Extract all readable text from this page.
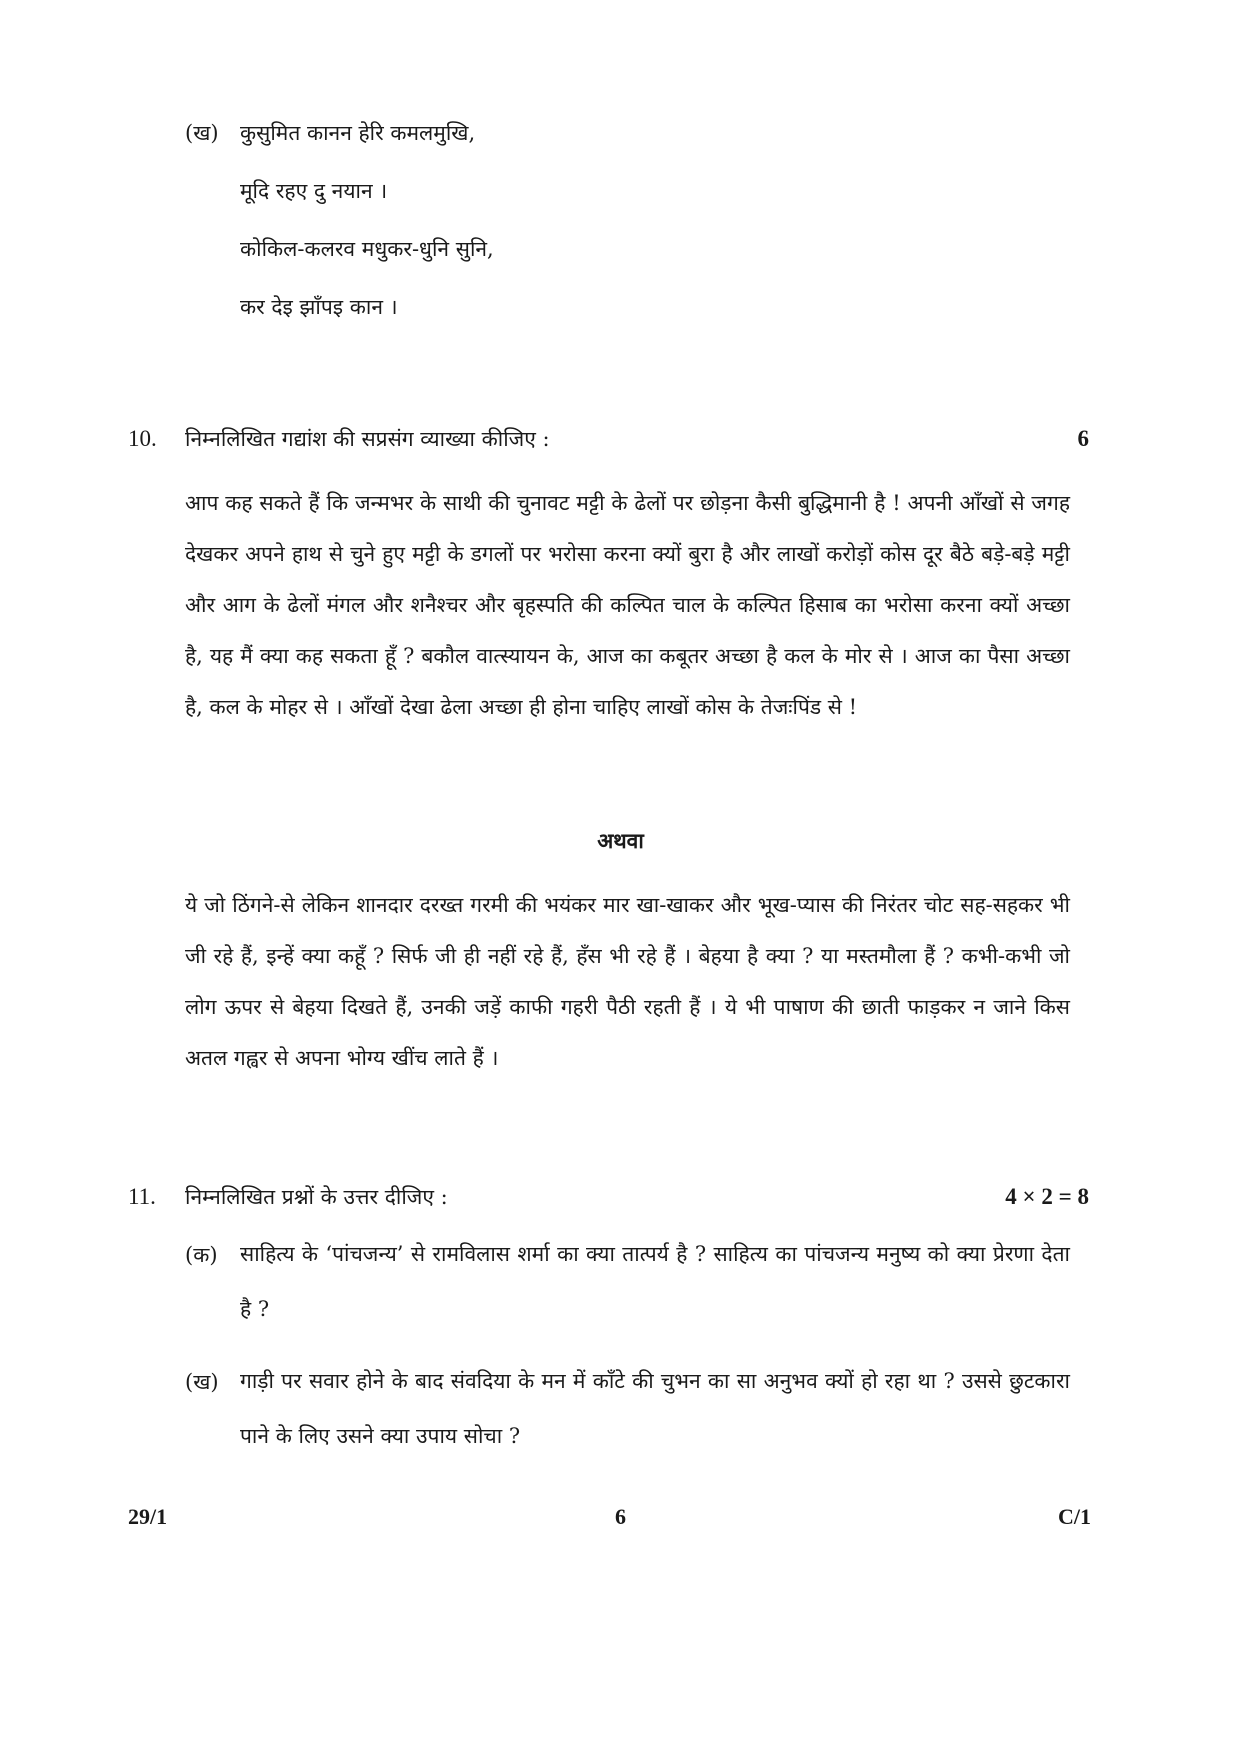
(ख) कुसुमित कानन हेरि कमलमुखि,
मूदि रहए दु नयान ।
कोकिल-कलरव मधुकर-धुनि सुनि,
कर देइ झाँपइ कान ।
10. निम्नलिखित गद्यांश की सप्रसंग व्याख्या कीजिए :	6
आप कह सकते हैं कि जन्मभर के साथी की चुनावट मट्टी के ढेलों पर छोड़ना कैसी बुद्धिमानी है ! अपनी आँखों से जगह देखकर अपने हाथ से चुने हुए मट्टी के डगलों पर भरोसा करना क्यों बुरा है और लाखों करोड़ों कोस दूर बैठे बड़े-बड़े मट्टी और आग के ढेलों मंगल और शनैश्चर और बृहस्पति की कल्पित चाल के कल्पित हिसाब का भरोसा करना क्यों अच्छा है, यह मैं क्या कह सकता हूँ ? बकौल वात्स्यायन के, आज का कबूतर अच्छा है कल के मोर से । आज का पैसा अच्छा है, कल के मोहर से । आँखों देखा ढेला अच्छा ही होना चाहिए लाखों कोस के तेजःपिंड से !
अथवा
ये जो ठिंगने-से लेकिन शानदार दरख्त गरमी की भयंकर मार खा-खाकर और भूख-प्यास की निरंतर चोट सह-सहकर भी जी रहे हैं, इन्हें क्या कहूँ ? सिर्फ जी ही नहीं रहे हैं, हँस भी रहे हैं । बेहया है क्या ? या मस्तमौला हैं ? कभी-कभी जो लोग ऊपर से बेहया दिखते हैं, उनकी जड़ें काफी गहरी पैठी रहती हैं । ये भी पाषाण की छाती फाड़कर न जाने किस अतल गह्वर से अपना भोग्य खींच लाते हैं ।
11. निम्नलिखित प्रश्नों के उत्तर दीजिए :	4 × 2 = 8
(क) साहित्य के ‘पांचजन्य’ से रामविलास शर्मा का क्या तात्पर्य है ? साहित्य का पांचजन्य मनुष्य को क्या प्रेरणा देता है ?
(ख) गाड़ी पर सवार होने के बाद संवदिया के मन में काँटे की चुभन का सा अनुभव क्यों हो रहा था ? उससे छुटकारा पाने के लिए उसने क्या उपाय सोचा ?
29/1	6	C/1
